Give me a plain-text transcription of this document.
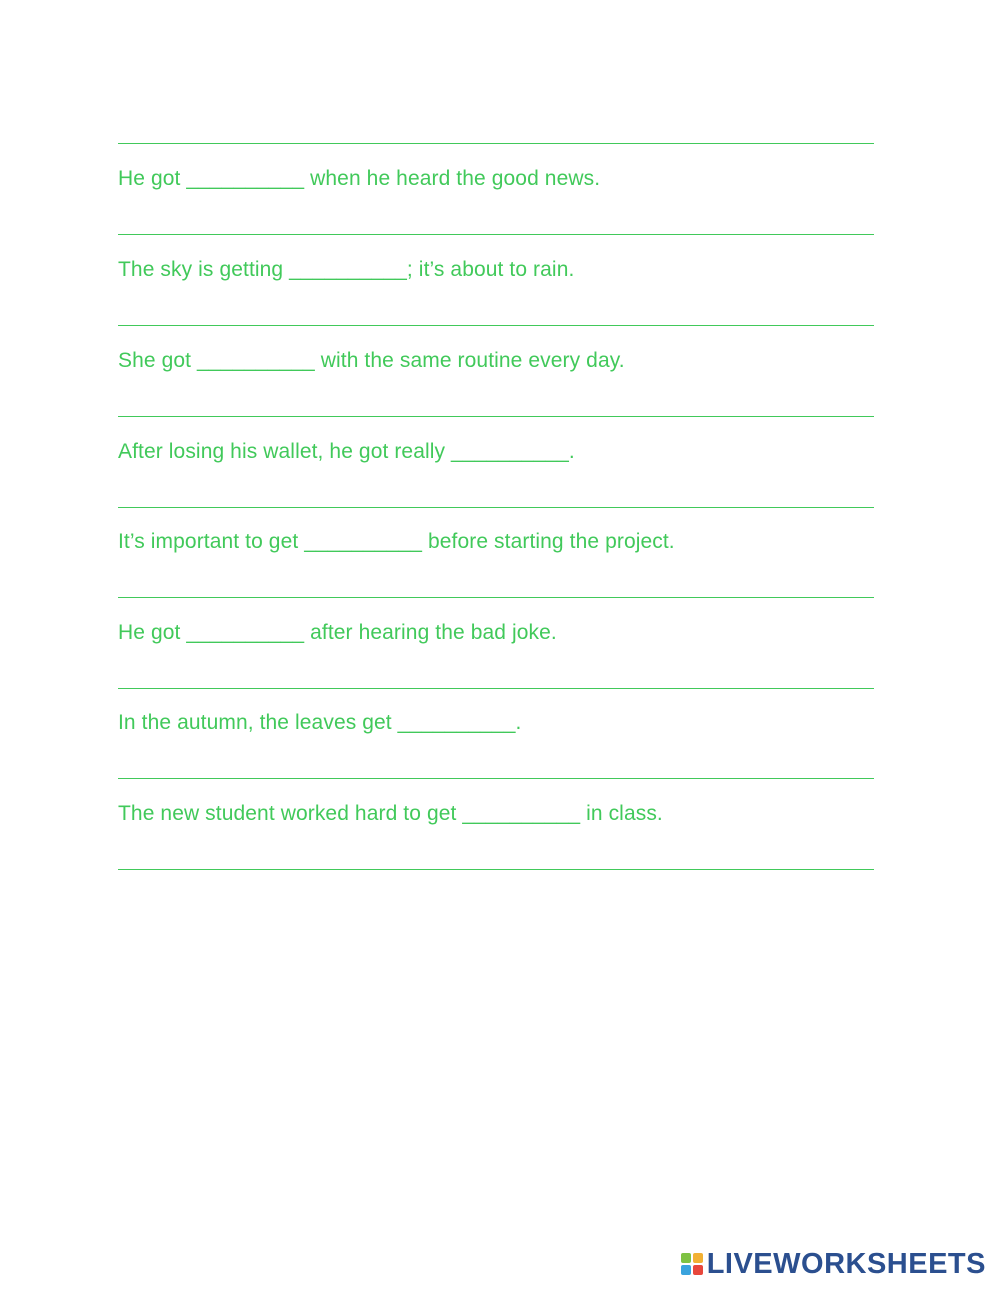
He got __________ when he heard the good news.
The sky is getting __________; it’s about to rain.
She got __________ with the same routine every day.
After losing his wallet, he got really __________.
It’s important to get __________ before starting the project.
He got __________ after hearing the bad joke.
In the autumn, the leaves get __________.
The new student worked hard to get __________ in class.
LIVEWORKSHEETS
